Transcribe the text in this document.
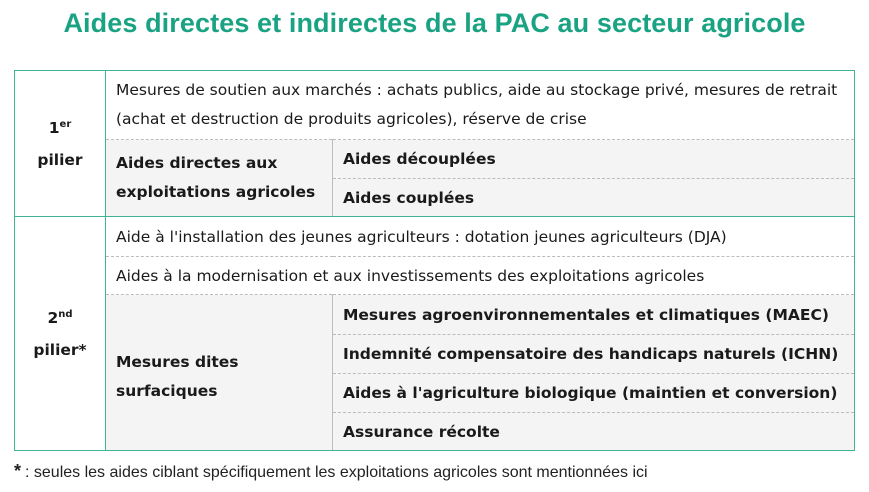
Aides directes et indirectes de la PAC au secteur agricole
1er
pilier	Mesures de soutien aux marchés : achats publics, aide au stockage privé, mesures de retrait (achat et destruction de produits agricoles), réserve de crise	
	Aides directes aux exploitations agricoles	Aides découplées
		Aides couplées

2nd
pilier*	Aide à l'installation des jeunes agriculteurs : dotation jeunes agriculteurs (DJA)	
	Aides à la modernisation et aux investissements des exploitations agricoles	
	Mesures dites surfaciques	Mesures agroenvironnementales et climatiques (MAEC)
		Indemnité compensatoire des handicaps naturels (ICHN)
		Aides à l'agriculture biologique (maintien et conversion)
		Assurance récolte
* : seules les aides ciblant spécifiquement les exploitations agricoles sont mentionnées ici
